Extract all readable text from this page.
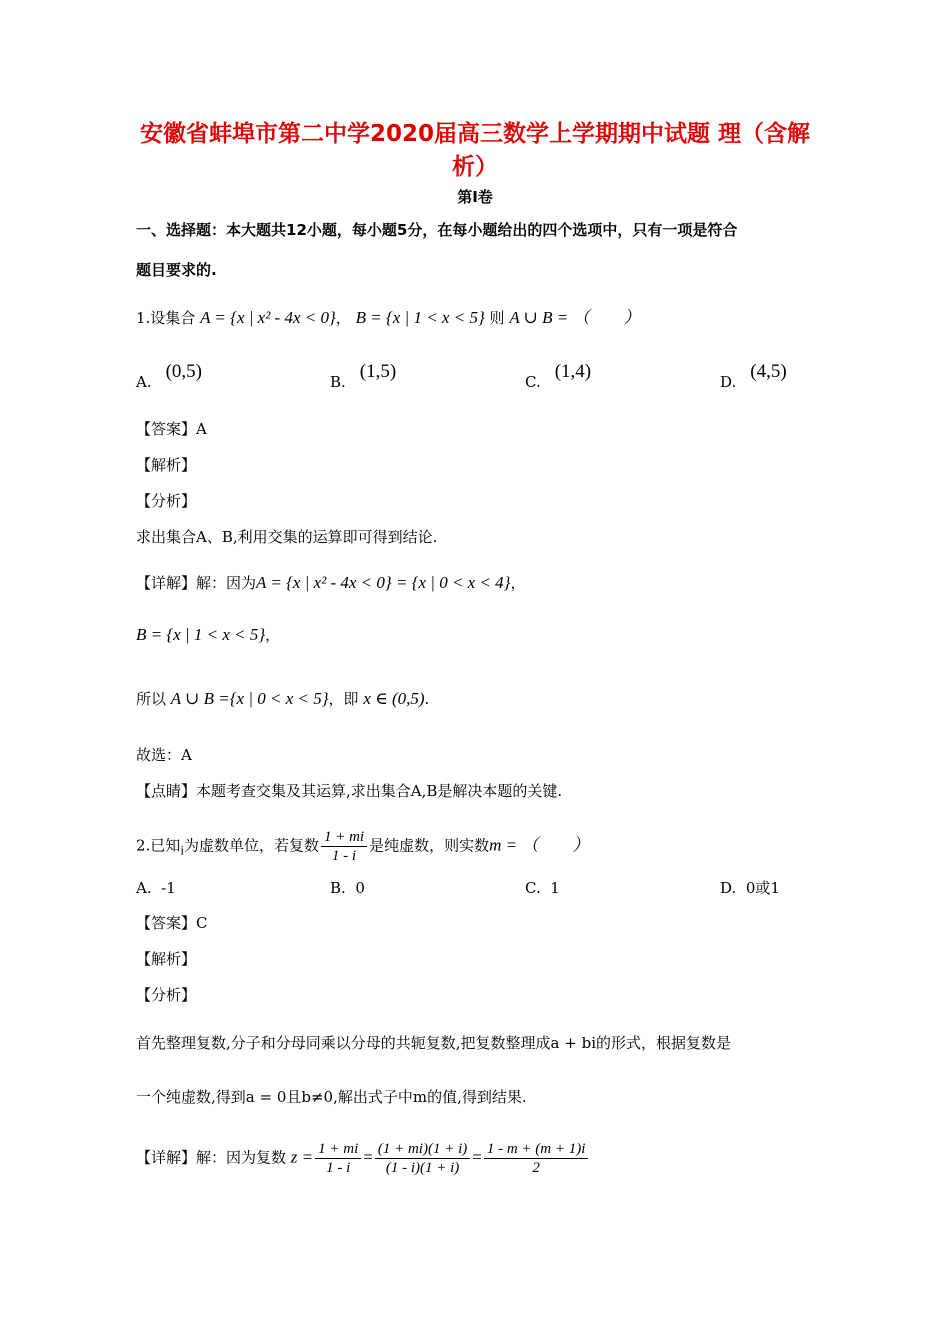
安徽省蚌埠市第二中学2020届高三数学上学期期中试题 理（含解
析）
第Ⅰ卷
一、选择题：本大题共12小题，每小题5分，在每小题给出的四个选项中，只有一项是符合
题目要求的.
1.设集合 A = {x | x² - 4x < 0}， B = {x | 1 < x < 5} 则 A ∪ B = （　　）
A. (0,5)	B. (1,5)	C. (1,4)	D. (4,5)
【答案】A
【解析】
【分析】
求出集合A、B,利用交集的运算即可得到结论.
【详解】解：因为A = {x | x² - 4x < 0} = {x | 0 < x < 4}，
B = {x | 1 < x < 5}，
所以 A ∪ B ={x | 0 < x < 5}，即 x ∈ (0,5).
故选：A
【点睛】本题考查交集及其运算,求出集合A,B是解决本题的关键.
2.已知$_i$为虚数单位，若复数 $\frac{1 + mi}{1 - i}$ 是纯虚数，则实数m = （　　）
A. -1	B. 0	C. 1	D. 0或1
【答案】C
【解析】
【分析】
首先整理复数,分子和分母同乘以分母的共轭复数,把复数整理成a + bi的形式，根据复数是
一个纯虚数,得到a = 0且b≠0,解出式子中m的值,得到结果.
【详解】解：因为复数 $z = \frac{1 + mi}{1 - i} = \frac{(1 + mi)(1 + i)}{(1 - i)(1 + i)} = \frac{1 - m + (m + 1)i}{2}$
